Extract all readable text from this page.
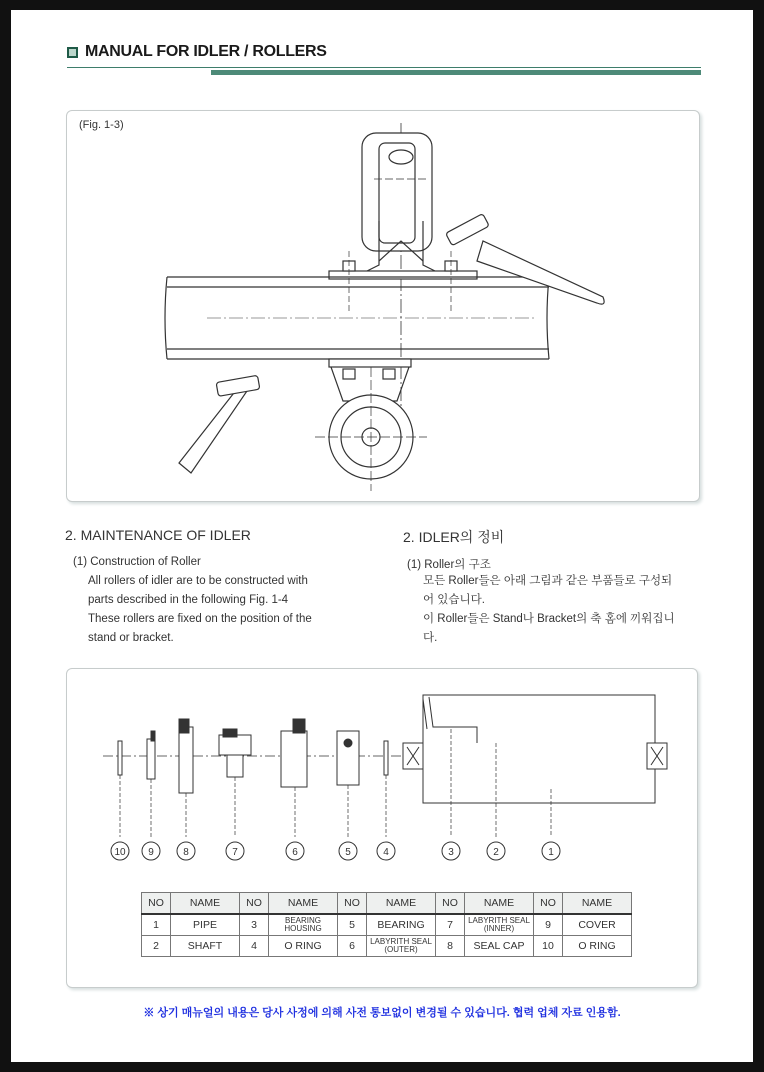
MANUAL FOR IDLER / ROLLERS
(Fig. 1-3)
2. MAINTENANCE OF IDLER
(1) Construction of Roller
All rollers of idler are to be constructed with
parts described in the following Fig. 1-4
These rollers are fixed on the position of the
stand or bracket.
2. IDLER의 정비
(1) Roller의 구조
모든 Roller들은 아래 그림과 같은 부품들로 구성되
어 있습니다.
이 Roller들은 Stand나 Bracket의 축 홈에 끼워집니
다.
10 9	8	7	6	5	4	3	2	1
NO	NAME	NO	NAME	NO	NAME	NO	NAME	NO	NAME
1	PIPE	3	BEARING HOUSING	5	BEARING	7	LABYRITH SEAL (INNER)	9	COVER
2	SHAFT	4	O RING	6	LABYRITH SEAL (OUTER)	8	SEAL CAP	10	O RING
※ 상기 매뉴얼의 내용은 당사 사정에 의해 사전 통보없이 변경될 수 있습니다. 협력 업체 자료 인용함.
